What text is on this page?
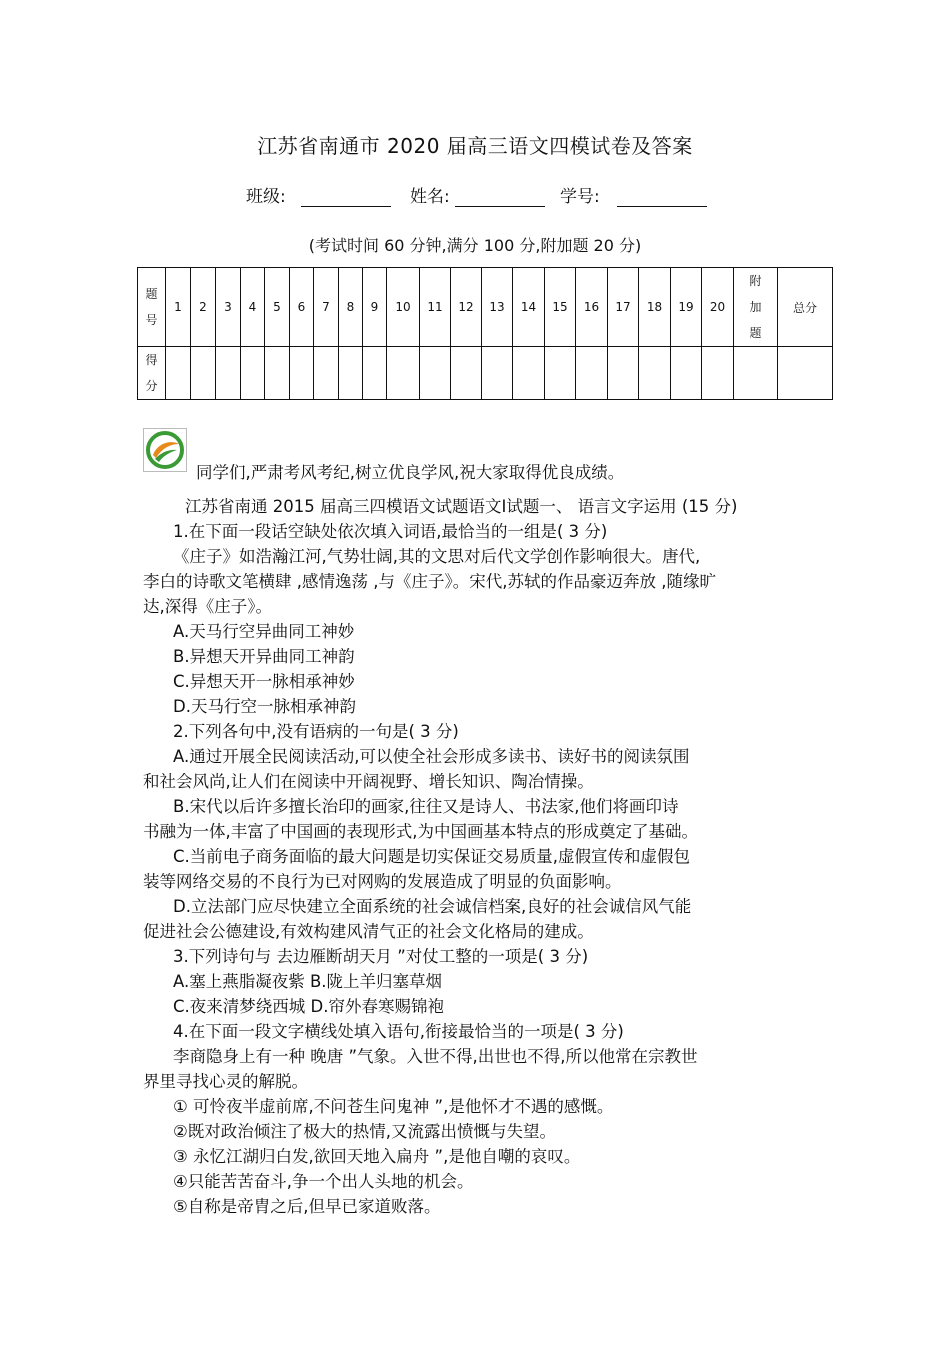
江苏省南通市 2020 届高三语文四模试卷及答案
班级:	姓名:	学号:
(考试时间 60 分钟,满分 100 分,附加题 20 分)
题
号	1	2	3	4	5	6	7	8	9	10	11	12	13	14	15	16	17	18	19	20	附
加
题	总分

得
分																						

同学们,严肃考风考纪,树立优良学风,祝大家取得优良成绩。
江苏省南通 2015 届高三四模语文试题语文Ⅰ试题一、 语言文字运用 (15 分)
1.在下面一段话空缺处依次填入词语,最恰当的一组是( 3 分)
《庄子》如浩瀚江河,气势壮阔,其的文思对后代文学创作影响很大。唐代,
李白的诗歌文笔横肆 ,感情逸荡 ,与《庄子》。宋代,苏轼的作品豪迈奔放 ,随缘旷
达,深得《庄子》。
A.天马行空异曲同工神妙
B.异想天开异曲同工神韵
C.异想天开一脉相承神妙
D.天马行空一脉相承神韵
2.下列各句中,没有语病的一句是( 3 分)
A.通过开展全民阅读活动,可以使全社会形成多读书、读好书的阅读氛围
和社会风尚,让人们在阅读中开阔视野、增长知识、陶冶情操。
B.宋代以后许多擅长治印的画家,往往又是诗人、书法家,他们将画印诗
书融为一体,丰富了中国画的表现形式,为中国画基本特点的形成奠定了基础。
C.当前电子商务面临的最大问题是切实保证交易质量,虚假宣传和虚假包
装等网络交易的不良行为已对网购的发展造成了明显的负面影响。
D.立法部门应尽快建立全面系统的社会诚信档案,良好的社会诚信风气能
促进社会公德建设,有效构建风清气正的社会文化格局的建成。
3.下列诗句与 去边雁断胡天月 ”对仗工整的一项是( 3 分)
A.塞上燕脂凝夜紫 B.陇上羊归塞草烟
C.夜来清梦绕西城 D.帘外春寒赐锦袍
4.在下面一段文字横线处填入语句,衔接最恰当的一项是( 3 分)
李商隐身上有一种 晚唐 ”气象。入世不得,出世也不得,所以他常在宗教世
界里寻找心灵的解脱。
① 可怜夜半虚前席,不问苍生问鬼神 ”,是他怀才不遇的感慨。
②既对政治倾注了极大的热情,又流露出愤慨与失望。
③ 永忆江湖归白发,欲回天地入扁舟 ”,是他自嘲的哀叹。
④只能苦苦奋斗,争一个出人头地的机会。
⑤自称是帝胄之后,但早已家道败落。
